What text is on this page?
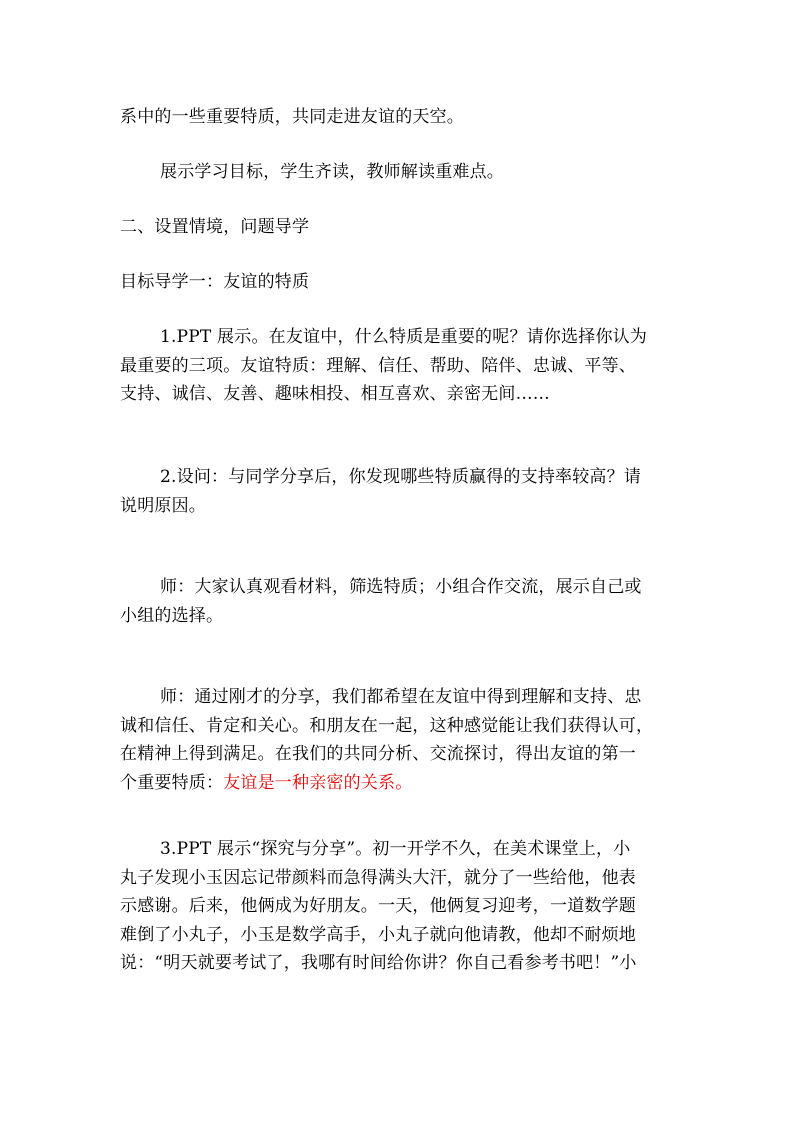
系中的一些重要特质，共同走进友谊的天空。
展示学习目标，学生齐读，教师解读重难点。
二、设置情境，问题导学
目标导学一：友谊的特质
1.PPT 展示。在友谊中，什么特质是重要的呢？请你选择你认为
最重要的三项。友谊特质：理解、信任、帮助、陪伴、忠诚、平等、
支持、诚信、友善、趣味相投、相互喜欢、亲密无间……
2.设问：与同学分享后，你发现哪些特质赢得的支持率较高？请
说明原因。
师：大家认真观看材料，筛选特质；小组合作交流，展示自己或
小组的选择。
师：通过刚才的分享，我们都希望在友谊中得到理解和支持、忠
诚和信任、肯定和关心。和朋友在一起，这种感觉能让我们获得认可，
在精神上得到满足。在我们的共同分析、交流探讨，得出友谊的第一
个重要特质：友谊是一种亲密的关系。
3.PPT 展示“探究与分享”。初一开学不久，在美术课堂上，小
丸子发现小玉因忘记带颜料而急得满头大汗，就分了一些给他，他表
示感谢。后来，他俩成为好朋友。一天，他俩复习迎考，一道数学题
难倒了小丸子，小玉是数学高手，小丸子就向他请教，他却不耐烦地
说：“明天就要考试了，我哪有时间给你讲？你自己看参考书吧！”小
